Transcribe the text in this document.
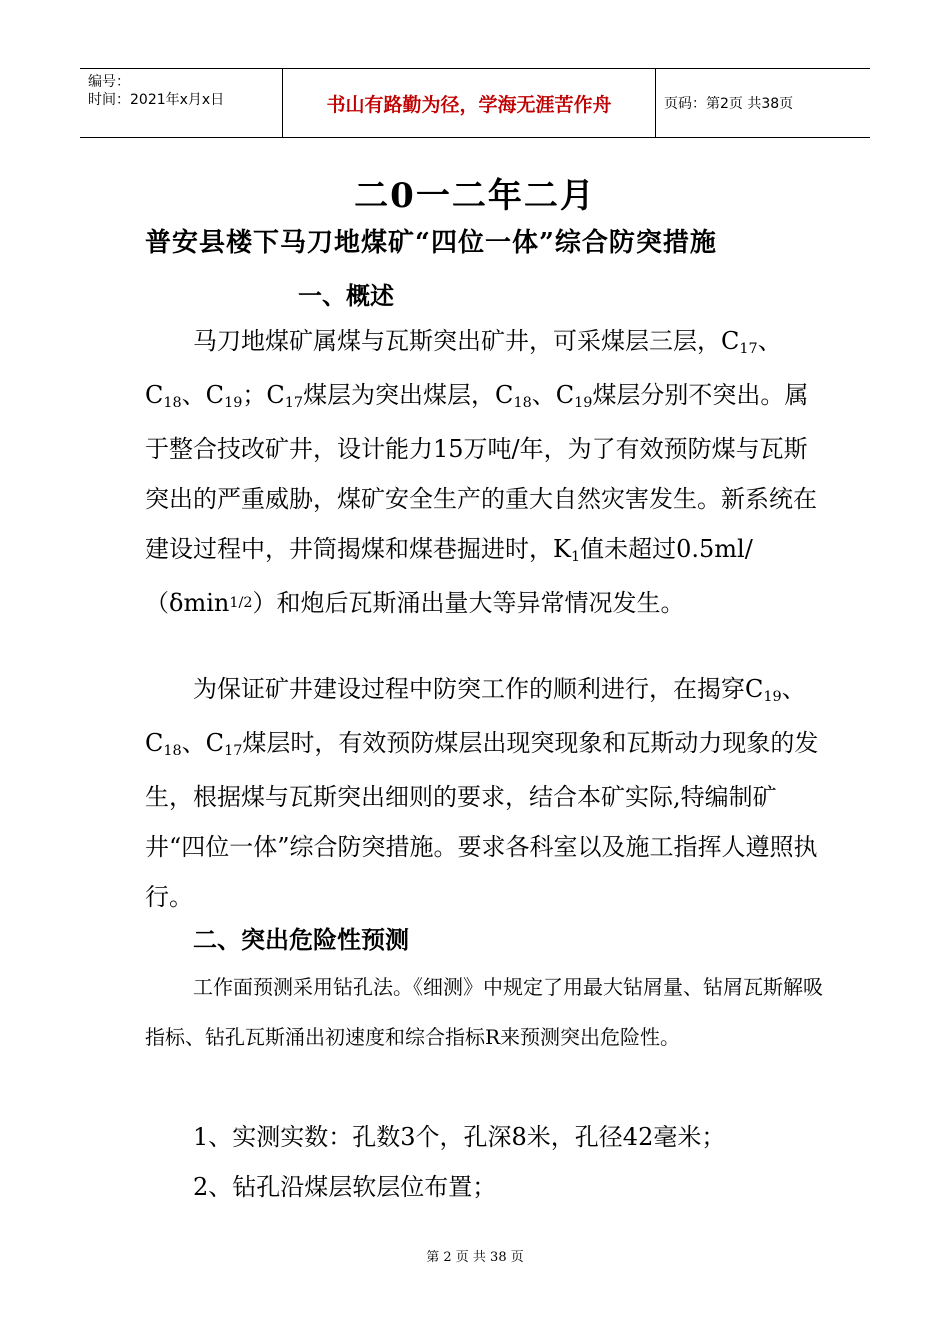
编号：
时间：2021年x月x日	书山有路勤为径，学海无涯苦作舟	页码：第2页 共38页
二0一二年二月
普安县楼下马刀地煤矿“四位一体”综合防突措施
一、概述

马刀地煤矿属煤与瓦斯突出矿井，可采煤层三层，$C_{17}$、$C_{18}$、$C_{19}$；$C_{17}$煤层为突出煤层，$C_{18}$、$C_{19}$煤层分别不突出。属于整合技改矿井，设计能力15万吨/年，为了有效预防煤与瓦斯突出的严重威胁，煤矿安全生产的重大自然灾害发生。新系统在建设过程中，井筒揭煤和煤巷掘进时，$K_1$值未超过0.5ml/（δmin$^{1/2}$）和炮后瓦斯涌出量大等异常情况发生。

为保证矿井建设过程中防突工作的顺利进行，在揭穿$C_{19}$、$C_{18}$、$C_{17}$煤层时，有效预防煤层出现突现象和瓦斯动力现象的发生，根据煤与瓦斯突出细则的要求，结合本矿实际,特编制矿井“四位一体”综合防突措施。要求各科室以及施工指挥人遵照执行。

二、突出危险性预测

工作面预测采用钻孔法。《细测》中规定了用最大钻屑量、钻屑瓦斯解吸指标、钻孔瓦斯涌出初速度和综合指标R来预测突出危险性。

1、实测实数：孔数3个，孔深8米，孔径42毫米；

2、钻孔沿煤层软层位布置；

第 2 页 共 38 页
